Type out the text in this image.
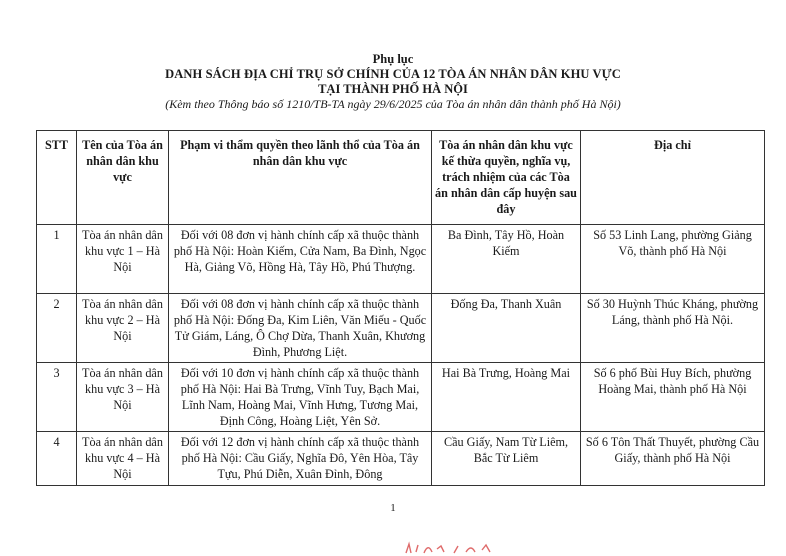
Phụ lục
DANH SÁCH ĐỊA CHỈ TRỤ SỞ CHÍNH CỦA 12 TÒA ÁN NHÂN DÂN KHU VỰC
TẠI THÀNH PHỐ HÀ NỘI
(Kèm theo Thông báo số 1210/TB-TA ngày 29/6/2025 của Tòa án nhân dân thành phố Hà Nội)
STT	Tên của Tòa án nhân dân khu vực	Phạm vi thẩm quyền theo lãnh thổ của Tòa án nhân dân khu vực	Tòa án nhân dân khu vực kế thừa quyền, nghĩa vụ, trách nhiệm của các Tòa án nhân dân cấp huyện sau đây	Địa chỉ
1	Tòa án nhân dân khu vực 1 – Hà Nội	Đối với 08 đơn vị hành chính cấp xã thuộc thành phố Hà Nội: Hoàn Kiếm, Cửa Nam, Ba Đình, Ngọc Hà, Giảng Võ, Hồng Hà, Tây Hồ, Phú Thượng.	Ba Đình, Tây Hồ, Hoàn Kiếm	Số 53 Linh Lang, phường Giảng Võ, thành phố Hà Nội
2	Tòa án nhân dân khu vực 2 – Hà Nội	Đối với 08 đơn vị hành chính cấp xã thuộc thành phố Hà Nội: Đống Đa, Kim Liên, Văn Miếu - Quốc Tử Giám, Láng, Ô Chợ Dừa, Thanh Xuân, Khương Đình, Phương Liệt.	Đống Đa, Thanh Xuân	Số 30 Huỳnh Thúc Kháng, phường Láng, thành phố Hà Nội.
3	Tòa án nhân dân khu vực 3 – Hà Nội	Đối với 10 đơn vị hành chính cấp xã thuộc thành phố Hà Nội: Hai Bà Trưng, Vĩnh Tuy, Bạch Mai, Lĩnh Nam, Hoàng Mai, Vĩnh Hưng, Tương Mai, Định Công, Hoàng Liệt, Yên Sở.	Hai Bà Trưng, Hoàng Mai	Số 6 phố Bùi Huy Bích, phường Hoàng Mai, thành phố Hà Nội
4	Tòa án nhân dân khu vực 4 – Hà Nội	Đối với 12 đơn vị hành chính cấp xã thuộc thành phố Hà Nội: Cầu Giấy, Nghĩa Đô, Yên Hòa, Tây Tựu, Phú Diễn, Xuân Đỉnh, Đông	Cầu Giấy, Nam Từ Liêm, Bắc Từ Liêm	Số 6 Tôn Thất Thuyết, phường Cầu Giấy, thành phố Hà Nội
1
